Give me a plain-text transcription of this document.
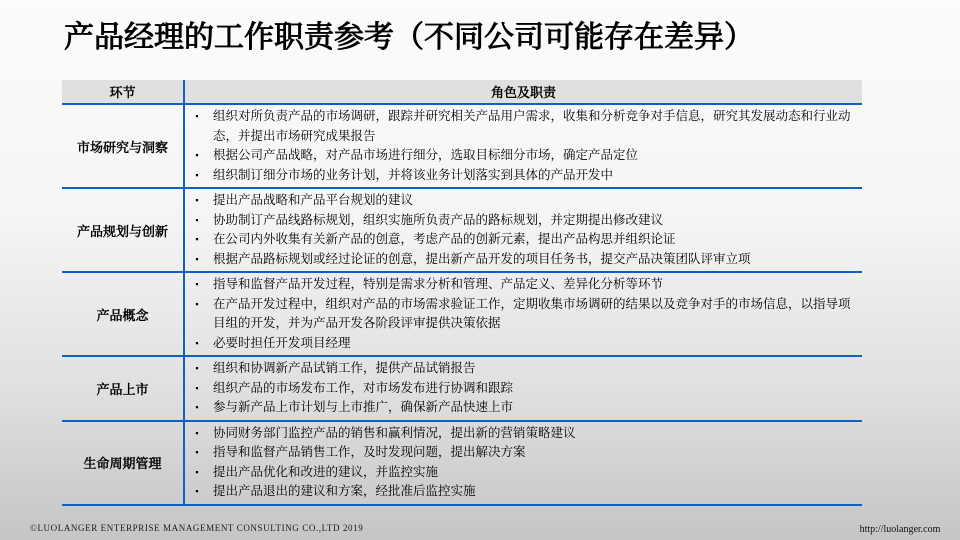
产品经理的工作职责参考（不同公司可能存在差异）
环节	角色及职责
市场研究与洞察
▪	组织对所负责产品的市场调研，跟踪并研究相关产品用户需求，收集和分析竞争对手信息，研究其发展动态和行业动态，并提出市场研究成果报告
▪	根据公司产品战略，对产品市场进行细分，选取目标细分市场，确定产品定位
▪	组织制订细分市场的业务计划，并将该业务计划落实到具体的产品开发中
产品规划与创新
▪	提出产品战略和产品平台规划的建议
▪	协助制订产品线路标规划，组织实施所负责产品的路标规划，并定期提出修改建议
▪	在公司内外收集有关新产品的创意，考虑产品的创新元素，提出产品构思并组织论证
▪	根据产品路标规划或经过论证的创意，提出新产品开发的项目任务书，提交产品决策团队评审立项
产品概念
▪	指导和监督产品开发过程，特别是需求分析和管理、产品定义、差异化分析等环节
▪	在产品开发过程中，组织对产品的市场需求验证工作，定期收集市场调研的结果以及竞争对手的市场信息，以指导项目组的开发，并为产品开发各阶段评审提供决策依据
▪	必要时担任开发项目经理
产品上市
▪	组织和协调新产品试销工作，提供产品试销报告
▪	组织产品的市场发布工作，对市场发布进行协调和跟踪
▪	参与新产品上市计划与上市推广，确保新产品快速上市
生命周期管理
▪	协同财务部门监控产品的销售和赢利情况，提出新的营销策略建议
▪	指导和监督产品销售工作，及时发现问题，提出解决方案
▪	提出产品优化和改进的建议，并监控实施
▪	提出产品退出的建议和方案，经批准后监控实施
©LUOLANGER ENTERPRISE MANAGEMENT CONSULTING CO.,LTD 2019	http://luolanger.com
